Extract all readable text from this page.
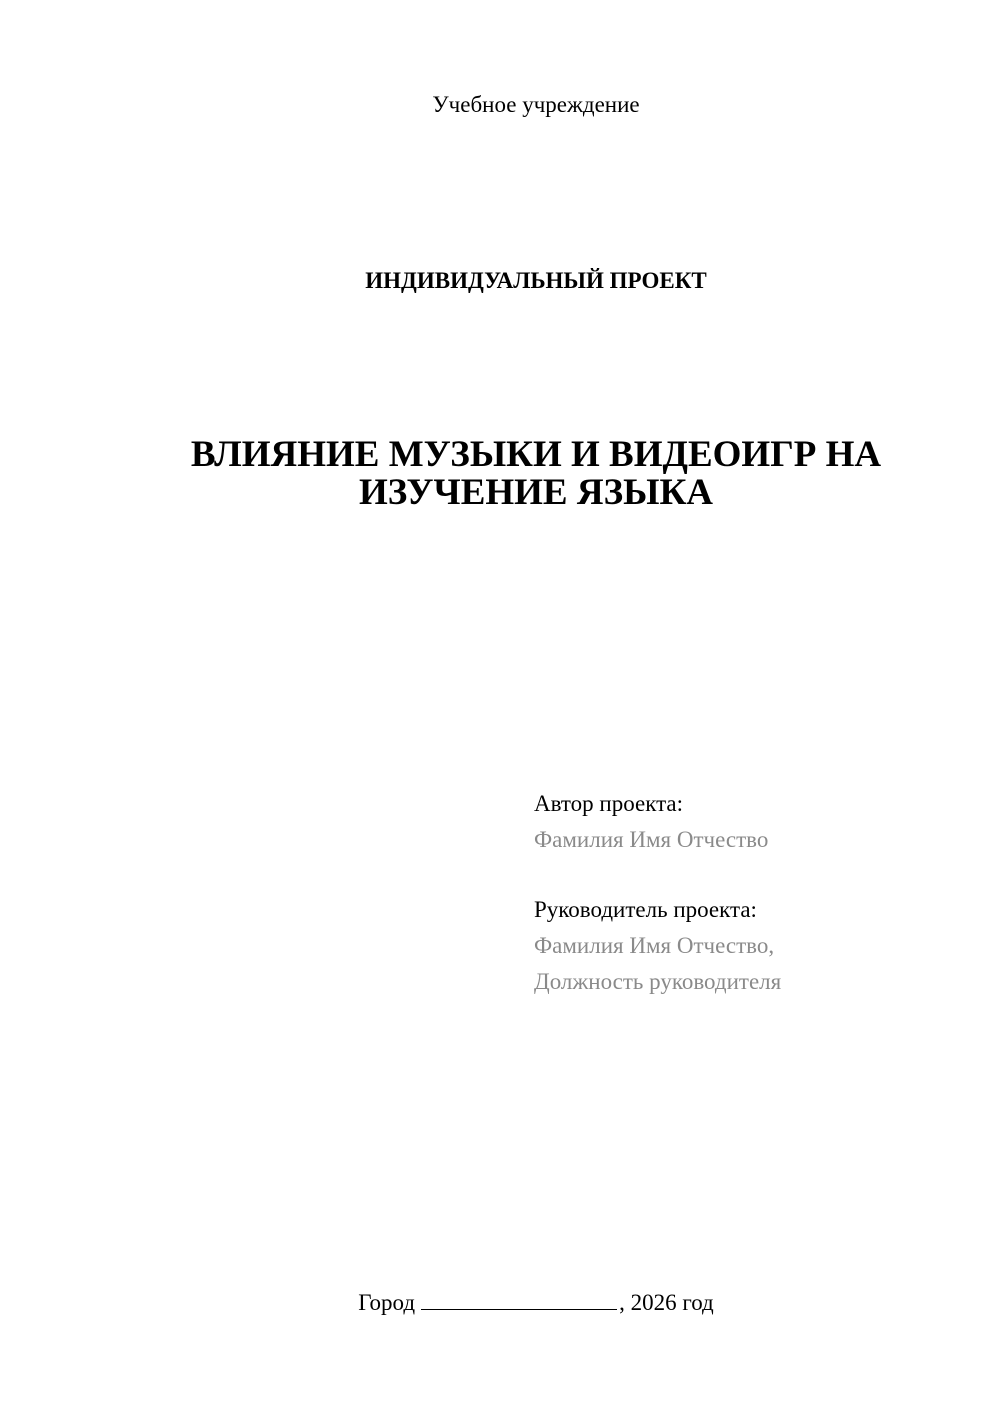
Учебное учреждение
ИНДИВИДУАЛЬНЫЙ ПРОЕКТ
ВЛИЯНИЕ МУЗЫКИ И ВИДЕОИГР НА
ИЗУЧЕНИЕ ЯЗЫКА
Автор проекта:
Фамилия Имя Отчество
Руководитель проекта:
Фамилия Имя Отчество,
Должность руководителя
Город	, 2026 год
